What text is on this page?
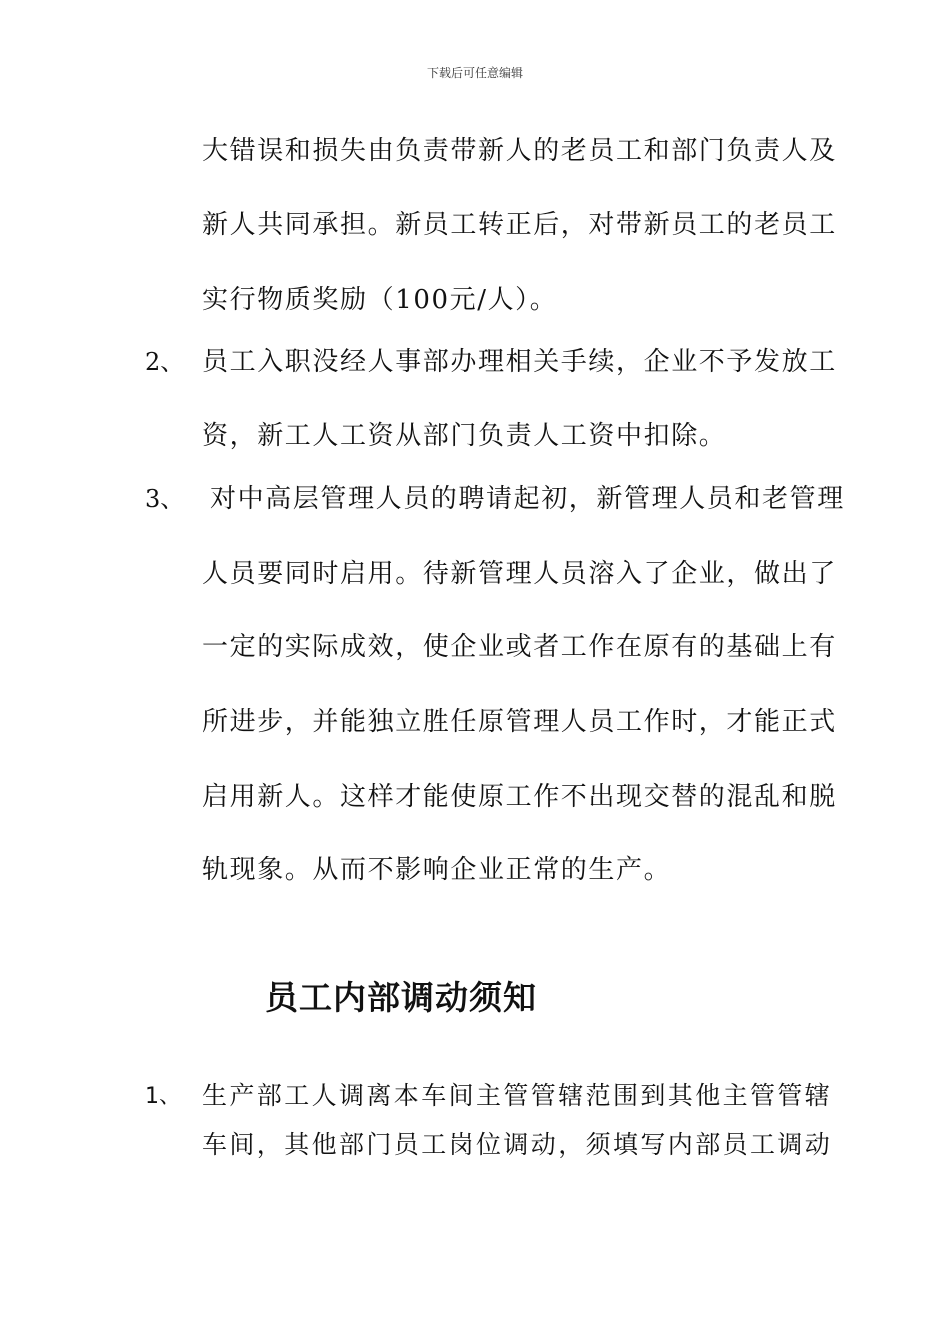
下载后可任意编辑
大错误和损失由负责带新人的老员工和部门负责人及
新人共同承担。新员工转正后，对带新员工的老员工
实行物质奖励（100元/人）。
2、 员工入职没经人事部办理相关手续，企业不予发放工
资，新工人工资从部门负责人工资中扣除。
3、 对中高层管理人员的聘请起初，新管理人员和老管理
人员要同时启用。待新管理人员溶入了企业，做出了
一定的实际成效，使企业或者工作在原有的基础上有
所进步，并能独立胜任原管理人员工作时，才能正式
启用新人。这样才能使原工作不出现交替的混乱和脱
轨现象。从而不影响企业正常的生产。
员工内部调动须知
1、 生产部工人调离本车间主管管辖范围到其他主管管辖
车间，其他部门员工岗位调动，须填写内部员工调动
